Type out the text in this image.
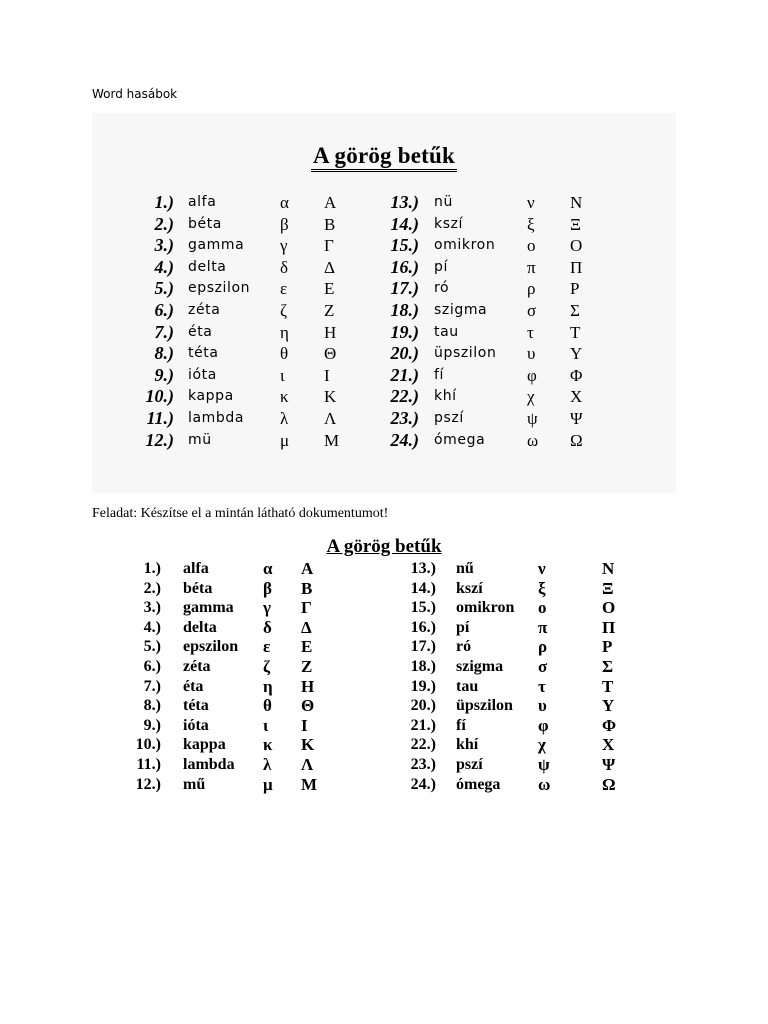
Word hasábok
A görög betűk
1.) alfa	α Α
2.) béta	β Β
3.) gamma γ Γ
4.) delta	δ Δ
5.) epszilon ε Ε
6.) zéta	ζ Ζ
7.) éta	η Η
8.) téta	θ Θ
9.) ióta	ι Ι
10.) kappa	κ Κ
11.) lambda λ Λ
12.) mü	μ Μ
13.) nü	ν Ν
14.) kszí	ξ Ξ
15.) omikron ο Ο
16.) pí	π Π
17.) ró	ρ Ρ
18.) szigma σ Σ
19.) tau	τ Τ
20.) üpszilon υ Υ
21.) fí	φ Φ
22.) khí	χ Χ
23.) pszí	ψ Ψ
24.) ómega ω Ω
Feladat: Készítse el a mintán látható dokumentumot!
A görög betűk
1.) alfa	α Α
2.) béta	β Β
3.) gamma γ Γ
4.) delta	δ Δ
5.) epszilon ε Ε
6.) zéta	ζ Ζ
7.) éta	η Η
8.) téta	θ Θ
9.) ióta	ι Ι
10.) kappa κ Κ
11.) lambda λ Λ
12.) mű	μ Μ
13.) nű	ν	Ν
14.) kszí	ξ	Ξ
15.) omikron ο	Ο
16.) pí	π	Π
17.) ró	ρ	Ρ
18.) szigma σ	Σ
19.) tau	τ	Τ
20.) üpszilon υ	Υ
21.) fí	φ	Φ
22.) khí	χ	Χ
23.) pszí	ψ	Ψ
24.) ómega ω	Ω
